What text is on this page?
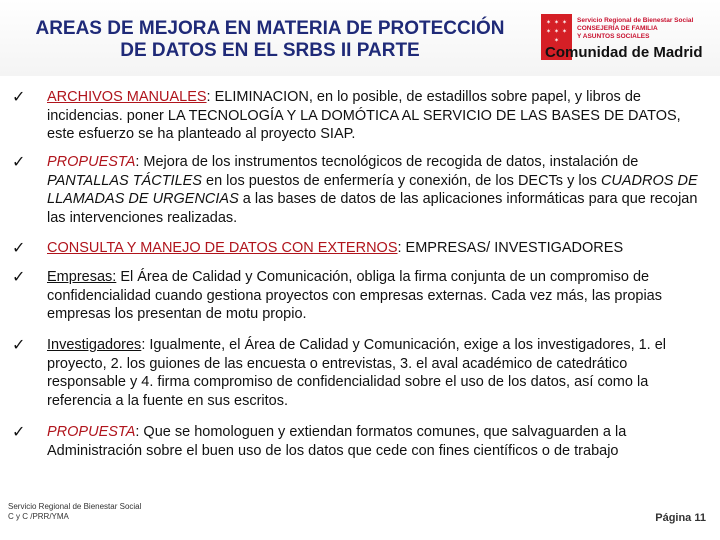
AREAS DE MEJORA EN MATERIA DE PROTECCIÓN
DE DATOS EN EL SRBS II PARTE
✶ ✶ ✶
✶ ✶ ✶
✶
Servicio Regional de Bienestar Social
CONSEJERÍA DE FAMILIA
Y ASUNTOS SOCIALES
Comunidad de Madrid
✓ ARCHIVOS MANUALES: ELIMINACION, en lo posible, de estadillos sobre papel, y libros de incidencias. poner LA TECNOLOGÍA Y LA DOMÓTICA AL SERVICIO DE LAS BASES DE DATOS, este esfuerzo se ha planteado al proyecto SIAP.
✓ PROPUESTA: Mejora de los instrumentos tecnológicos de recogida de datos, instalación de PANTALLAS TÁCTILES en los puestos de enfermería y conexión, de los DECTs y los CUADROS DE LLAMADAS DE URGENCIAS a las bases de datos de las aplicaciones informáticas para que recojan las intervenciones realizadas.
✓ CONSULTA Y MANEJO DE DATOS CON EXTERNOS: EMPRESAS/ INVESTIGADORES
✓ Empresas: El Área de Calidad y Comunicación, obliga la firma conjunta de un compromiso de confidencialidad cuando gestiona proyectos con empresas externas. Cada vez más, las propias empresas los presentan de motu propio.
✓ Investigadores: Igualmente, el Área de Calidad y Comunicación, exige a los investigadores, 1. el proyecto, 2. los guiones de las encuesta o entrevistas, 3. el aval académico de catedrático responsable y 4. firma compromiso de confidencialidad sobre el uso de los datos, así como la referencia a la fuente en sus escritos.
✓ PROPUESTA: Que se homologuen y extiendan formatos comunes, que salvaguarden a la Administración sobre el buen uso de los datos que cede con fines científicos o de trabajo
Servicio Regional de Bienestar Social
C y C /PRR/YMA	Página 11
